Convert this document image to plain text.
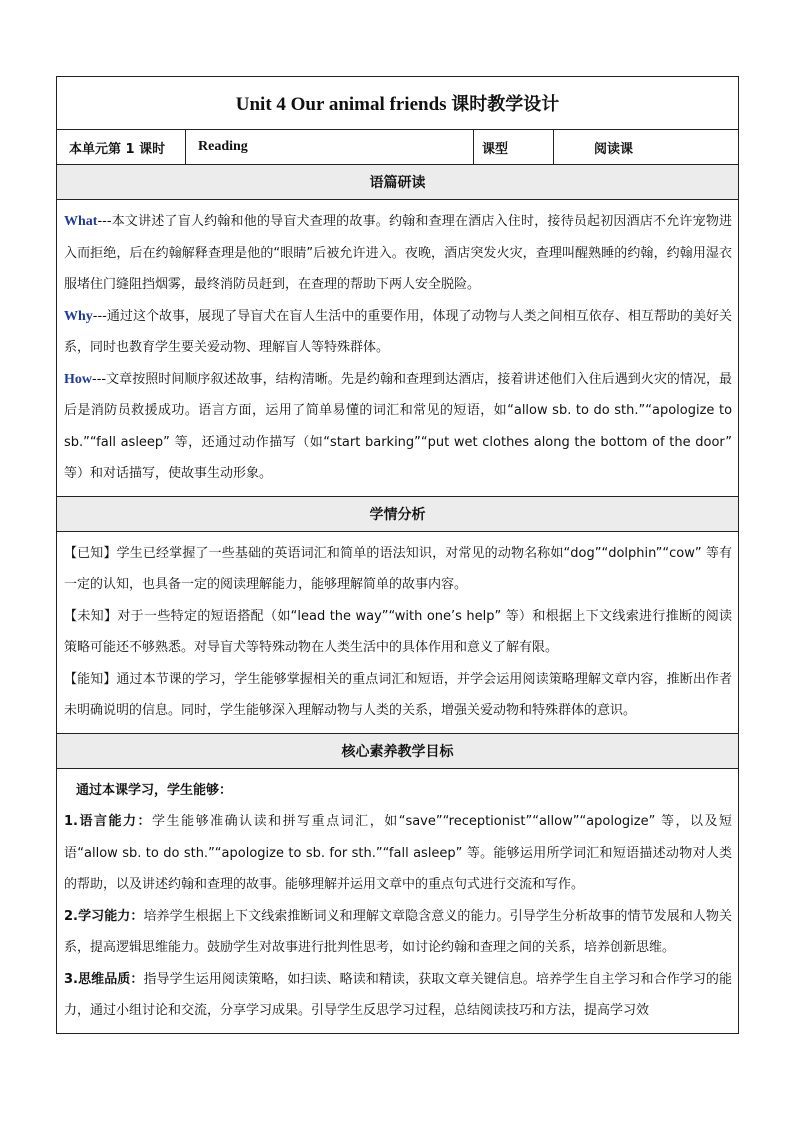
Unit 4 Our animal friends 课时教学设计
本单元第 1 课时	Reading	课型	阅读课
语篇研读

What---本文讲述了盲人约翰和他的导盲犬查理的故事。约翰和查理在酒店入住时，接待员起初因酒店不允许宠物进入而拒绝，后在约翰解释查理是他的“眼睛”后被允许进入。夜晚，酒店突发火灾，查理叫醒熟睡的约翰，约翰用湿衣服堵住门缝阻挡烟雾，最终消防员赶到，在查理的帮助下两人安全脱险。

Why---通过这个故事，展现了导盲犬在盲人生活中的重要作用，体现了动物与人类之间相互依存、相互帮助的美好关系，同时也教育学生要关爱动物、理解盲人等特殊群体。

How---文章按照时间顺序叙述故事，结构清晰。先是约翰和查理到达酒店，接着讲述他们入住后遇到火灾的情况，最后是消防员救援成功。语言方面，运用了简单易懂的词汇和常见的短语，如“allow sb. to do sth.”“apologize to sb.”“fall asleep” 等，还通过动作描写（如“start barking”“put wet clothes along the bottom of the door” 等）和对话描写，使故事生动形象。

学情分析

【已知】学生已经掌握了一些基础的英语词汇和简单的语法知识，对常见的动物名称如“dog”“dolphin”“cow” 等有一定的认知，也具备一定的阅读理解能力，能够理解简单的故事内容。

【未知】对于一些特定的短语搭配（如“lead the way”“with one’s help” 等）和根据上下文线索进行推断的阅读策略可能还不够熟悉。对导盲犬等特殊动物在人类生活中的具体作用和意义了解有限。

【能知】通过本节课的学习，学生能够掌握相关的重点词汇和短语，并学会运用阅读策略理解文章内容，推断出作者未明确说明的信息。同时，学生能够深入理解动物与人类的关系，增强关爱动物和特殊群体的意识。

核心素养教学目标

通过本课学习，学生能够：

1.语言能力：学生能够准确认读和拼写重点词汇，如“save”“receptionist”“allow”“apologize” 等，以及短语“allow sb. to do sth.”“apologize to sb. for sth.”“fall asleep” 等。能够运用所学词汇和短语描述动物对人类的帮助，以及讲述约翰和查理的故事。能够理解并运用文章中的重点句式进行交流和写作。

2.学习能力：培养学生根据上下文线索推断词义和理解文章隐含意义的能力。引导学生分析故事的情节发展和人物关系，提高逻辑思维能力。鼓励学生对故事进行批判性思考，如讨论约翰和查理之间的关系，培养创新思维。

3.思维品质：指导学生运用阅读策略，如扫读、略读和精读，获取文章关键信息。培养学生自主学习和合作学习的能力，通过小组讨论和交流，分享学习成果。引导学生反思学习过程，总结阅读技巧和方法，提高学习效
